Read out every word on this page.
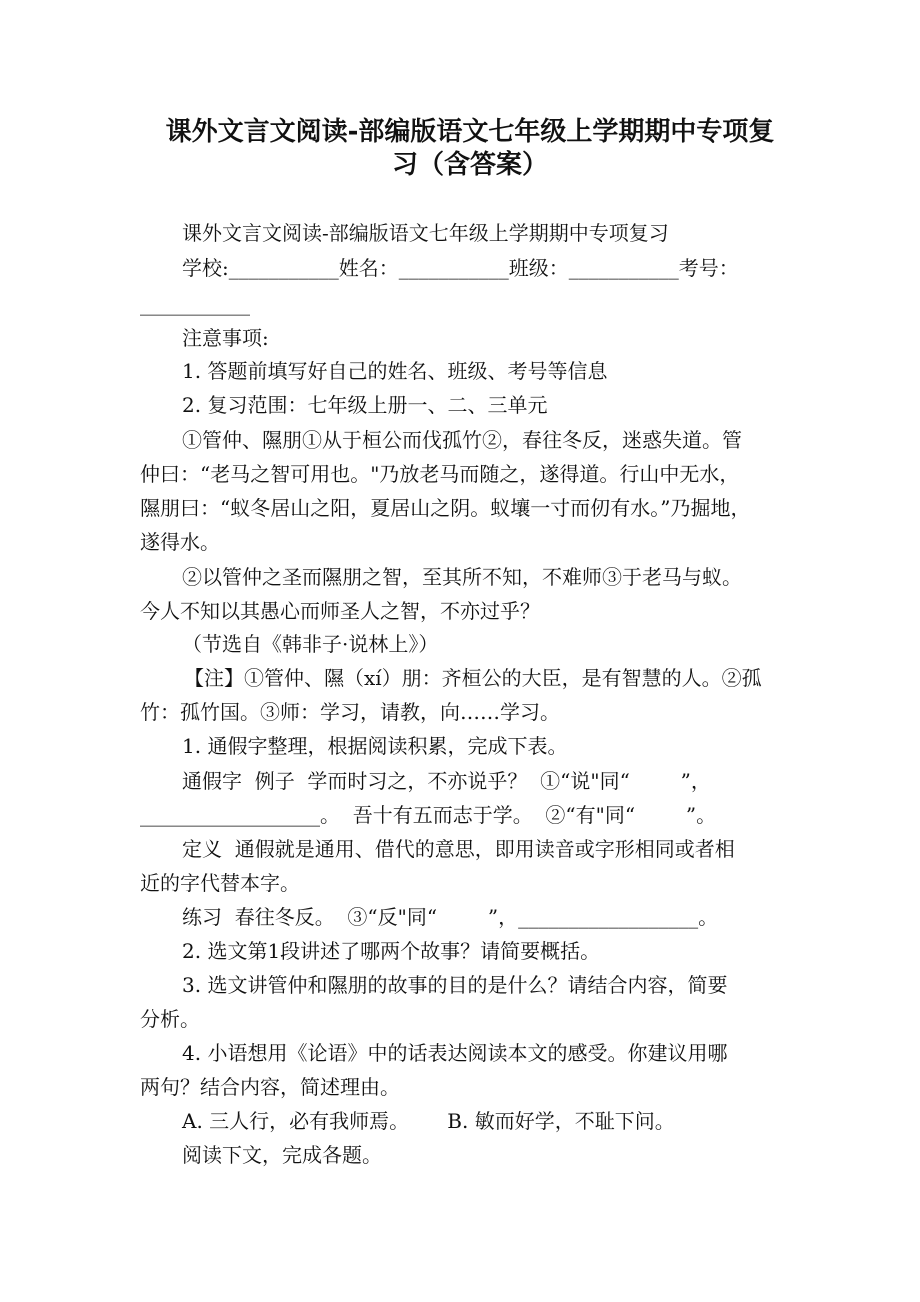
课外文言文阅读-部编版语文七年级上学期期中专项复
习（含答案）
课外文言文阅读-部编版语文七年级上学期期中专项复习
学校:___________姓名：___________班级：___________考号：
___________
注意事项:
1. 答题前填写好自己的姓名、班级、考号等信息
2. 复习范围：七年级上册一、二、三单元
①管仲、隰朋①从于桓公而伐孤竹②，春往冬反，迷惑失道。管
仲曰：“老马之智可用也。"乃放老马而随之，遂得道。行山中无水，
隰朋曰：“蚁冬居山之阳，夏居山之阴。蚁壤一寸而仞有水。”乃掘地，
遂得水。
②以管仲之圣而隰朋之智，至其所不知，不难师③于老马与蚁。
今人不知以其愚心而师圣人之智，不亦过乎？
（节选自《韩非子·说林上》）
【注】①管仲、隰（xí）朋：齐桓公的大臣，是有智慧的人。②孤
竹：孤竹国。③师：学习，请教，向……学习。
1. 通假字整理，根据阅读积累，完成下表。
通假字  例子  学而时习之，不亦说乎？  ①“说"同“        ”，
__________________。  吾十有五而志于学。  ②“有"同“        ”。
定义  通假就是通用、借代的意思，即用读音或字形相同或者相
近的字代替本字。
练习  春往冬反。  ③“反"同“        ”，__________________。
2. 选文第1段讲述了哪两个故事？请简要概括。
3. 选文讲管仲和隰朋的故事的目的是什么？请结合内容，简要
分析。
4. 小语想用《论语》中的话表达阅读本文的感受。你建议用哪
两句？结合内容，简述理由。
A. 三人行，必有我师焉。      B. 敏而好学，不耻下问。
阅读下文，完成各题。
